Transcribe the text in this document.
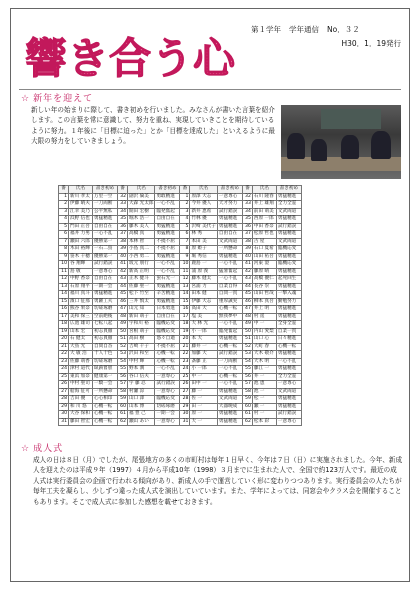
響き合う心
第１学年 学年通信 No．３２
H30．1．19発行
☆ 新年を迎えて
新しい年の始まりに際して、書き初めを行いました。みなさんが書いた言葉を紹介します。この言葉を常に意識して、努力を重ね、実現していきことを期待しているように努力。１年後に「目標に迫った」とか「目標を達成した」といえるように最大限の努力をしていきましょう。
番	氏名	書き初め	番	氏名	書き初め	番	氏名	書き初め	番	氏名	書き初め
1	新川 孝太	万里一空	32	副沢 倫美	勇敢精進	1	原澤 大志	一意専心	32	石川 隆春	勇猛精進
2	伊藤 晴夫	一刀両断	33	大森 光太郎	一心不乱	2	今井 優人	天才努力	33	井上 雄翔	全力全霊
3	江幸 美乃	公平無私	34	開田 宏樹	臨発奮起	3	新井 恵希	試行錯誤	34	前田 萌美	文武両道
4	浜野 信也	勇猛精進	35	堀木 浩一	自由自在	4	竹林 優	勇猛精進	35	西原 一郎	勇猛精進
5	門田 正吾	自由自在	36	藤木 美人	勇猛精進	5	沢崎 美代子	勇猛精進	36	中田 香奈	試行錯誤
6	福井 力男	一心不乱	37	高橋 真	勇猛精進	6	林 秀	自由自在	37	松原 哲也	勇猛精進
7	瀬田 六郎	優勝第一	38	本林 智	不撓不屈	7	本田 美	文武両道	38	古 屋	文武両道
8	木田 裕輝	一石二鳥	39	小島 真二	不撓不屈	8	原 姫子	一所懸命	39	石口 夏希	臨機応変
9	笹木 千穂	優勝第一	40	小西 勇二	勇猛精進	9	堀 秀信	勇猛精進	40	山田 祐吾	勇猛精進
10	谷 翔輝	試行錯誤	41	坂元 朋行	一心不乱	10	鹿島 一	一心不乱	41	河東 澄	臨機応変
11	島 敬	一意専心	42	新高 正明	一心不乱	11	浦 原 義	猛暑奮起	42	藤原 晴	勇猛精進
12	中野 香奈	自由自在	43	正木 健斗	蛍石光一	12	藤木 健太	一心不乱	43	高橋 優仁	起死回生
13	石原 翔平	一期一会	44	佐藤 聖一	勇猛精進	13	宮浦 力	自業自得	44	長谷 崇	勇猛精進
14	福川 真斗	勇猛精進	45	松下 竹至	辛苦精進	14	田本 健	自問一貫	45	山田 哲哉	一撃入魂
15	濱口 征那	勇躍工夫	46	三井 慎太	勇猛精進	15	伊藤 大志	重厚誠実	46	柳本 真吾	勤勉努力
16	熊谷 果奈	切磋琢磨	47	山元 知	日本勇進	16	高田 大	心機一転	47	井上 明	勇猛精進
17	美和 保三	空前絶後	48	新田 萌子	自由自在	17	塩 美	無我夢中	48	村 遥	勇猛精進
18	広池 雄司	七転八起	49	宇和川 裕	臨機応変	18	大 林 光	一心不乱	49	中 一	全身全霊
19	山本 宏	初志貫徹	50	宮根 萌子	臨機応変	19	小 一郎	臨発奮起	50	内山 愛梨	自業一貫
20	石 健太	初志貫徹	51	高田 樹	悠々自適	20	本 大	勇猛精進	51	山口 心	日々精進
21	大鳥 光	自問自答	52	吉崎 千子	不撓不屈	21	藤井 一	心機一転	52	大町 春	心機一転
22	大 敏 浩	十人十色	53	沢田 和至	心機一転	22	加藤 大	試行錯誤	53	大木 敬介	勇猛精進
23	佐藤 萌香	切磋琢磨	54	中村 輝	心機一転	23	斎藤 正	一刀両断	54	大木 明	一心不乱
24	津村 道代	臥薪嘗胆	55	野本 潤	一心不乱	24	小 一郎	一心不乱	55	藤江 一	勇猛精進
25	東浜 加奈	健康第一	56	谷口 信夫	一意専心	25	中 一	心機一転	56	井 一	全力全霊
26	中村 聖司	一騎一会	57	宇 藤 忍	試行錯誤	26	田中 一	一心不乱	57	池 恵	一意専心
27	船海 征可	一所懸命	58	村瀬 涼	一意専心	27	藤 一	勇猛精進	58	池 一	文武両道
28	吉田 優	心心相印	59	山口 澤	臨機応変	28	佐 一	文武両道	59	松 一	勇猛精進
29	和 川 悠	心機一転	60	山本 博	切磋琢磨	29	田 一	大器晩成	60	瀬 一	勇猛精進
30	大谷 保和	心機一転	61	福 豊 己	一期一会	30	原 一	勇猛精進	61	村 一	試行錯誤
31	藤田 智宏	心機一転	62	瀬山 あい	一意専心	31	大 一	勇猛精進	62	松本 彩	一意専心
☆ 成人式
成人の日は８日（月）でしたが、尾張地方の多くの市町村は毎年１日早く、今年は７日（日）に実施されました。今年、新成人を迎えたのは平成９年（1997）４月から平成10年（1998）３月までに生まれた人で、全国で約123万人です。最近の成人式は実行委員会の企画で行われる傾向があり、新成人の手で運営していく形に変わりつつあります。実行委員会の人たちが毎年工夫を凝らし、少しずつ違った成人式を演出していています。また、学年によっては、同窓会やクラス会を開催することもあります。そこで成人式に参加した感想を載せておきます。
